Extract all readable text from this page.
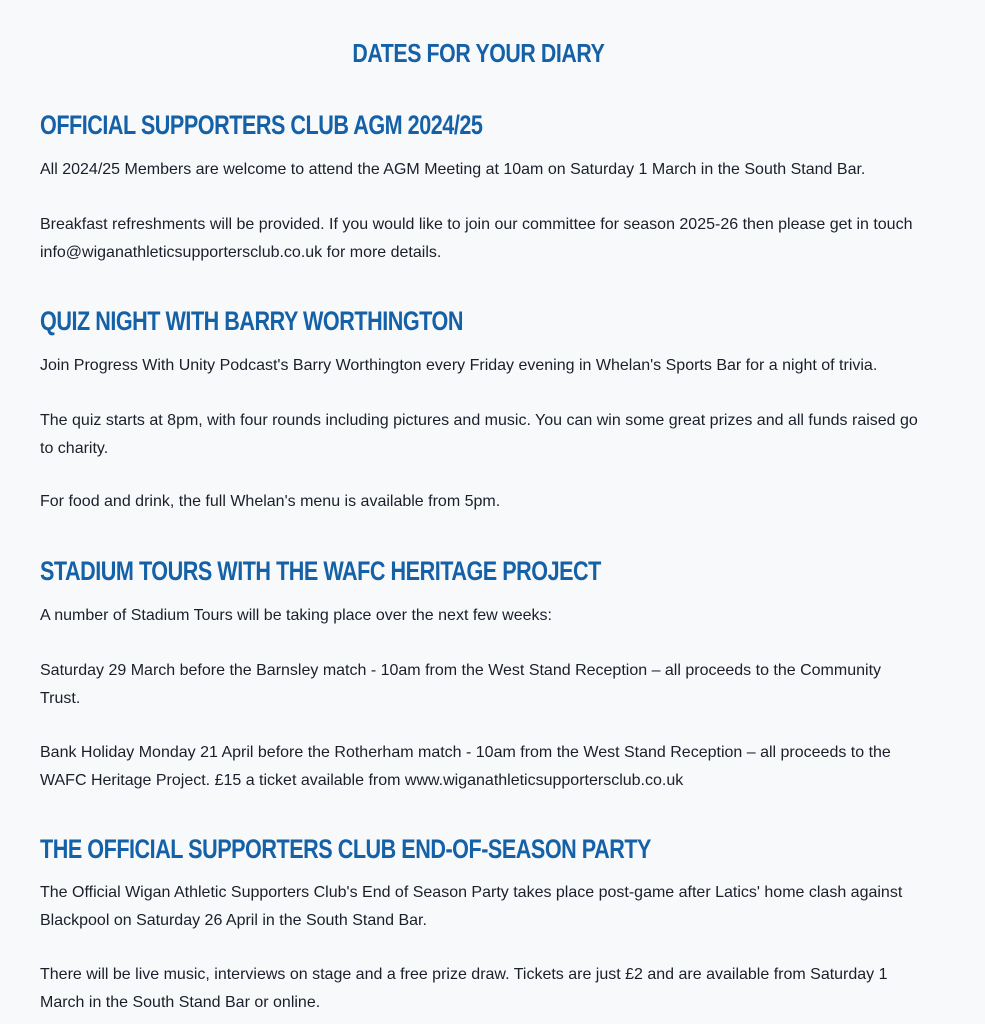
DATES FOR YOUR DIARY
OFFICIAL SUPPORTERS CLUB AGM 2024/25

All 2024/25 Members are welcome to attend the AGM Meeting at 10am on Saturday 1 March in the South Stand Bar.

Breakfast refreshments will be provided. If you would like to join our committee for season 2025-26 then please get in touch info@wiganathleticsupportersclub.co.uk for more details.

QUIZ NIGHT WITH BARRY WORTHINGTON

Join Progress With Unity Podcast's Barry Worthington every Friday evening in Whelan's Sports Bar for a night of trivia.

The quiz starts at 8pm, with four rounds including pictures and music. You can win some great prizes and all funds raised go to charity.

For food and drink, the full Whelan's menu is available from 5pm.

STADIUM TOURS WITH THE WAFC HERITAGE PROJECT

A number of Stadium Tours will be taking place over the next few weeks:

Saturday 29 March before the Barnsley match - 10am from the West Stand Reception – all proceeds to the Community Trust.

Bank Holiday Monday 21 April before the Rotherham match - 10am from the West Stand Reception – all proceeds to the WAFC Heritage Project. £15 a ticket available from www.wiganathleticsupportersclub.co.uk

THE OFFICIAL SUPPORTERS CLUB END-OF-SEASON PARTY

The Official Wigan Athletic Supporters Club's End of Season Party takes place post-game after Latics' home clash against Blackpool on Saturday 26 April in the South Stand Bar.

There will be live music, interviews on stage and a free prize draw. Tickets are just £2 and are available from Saturday 1 March in the South Stand Bar or online.
